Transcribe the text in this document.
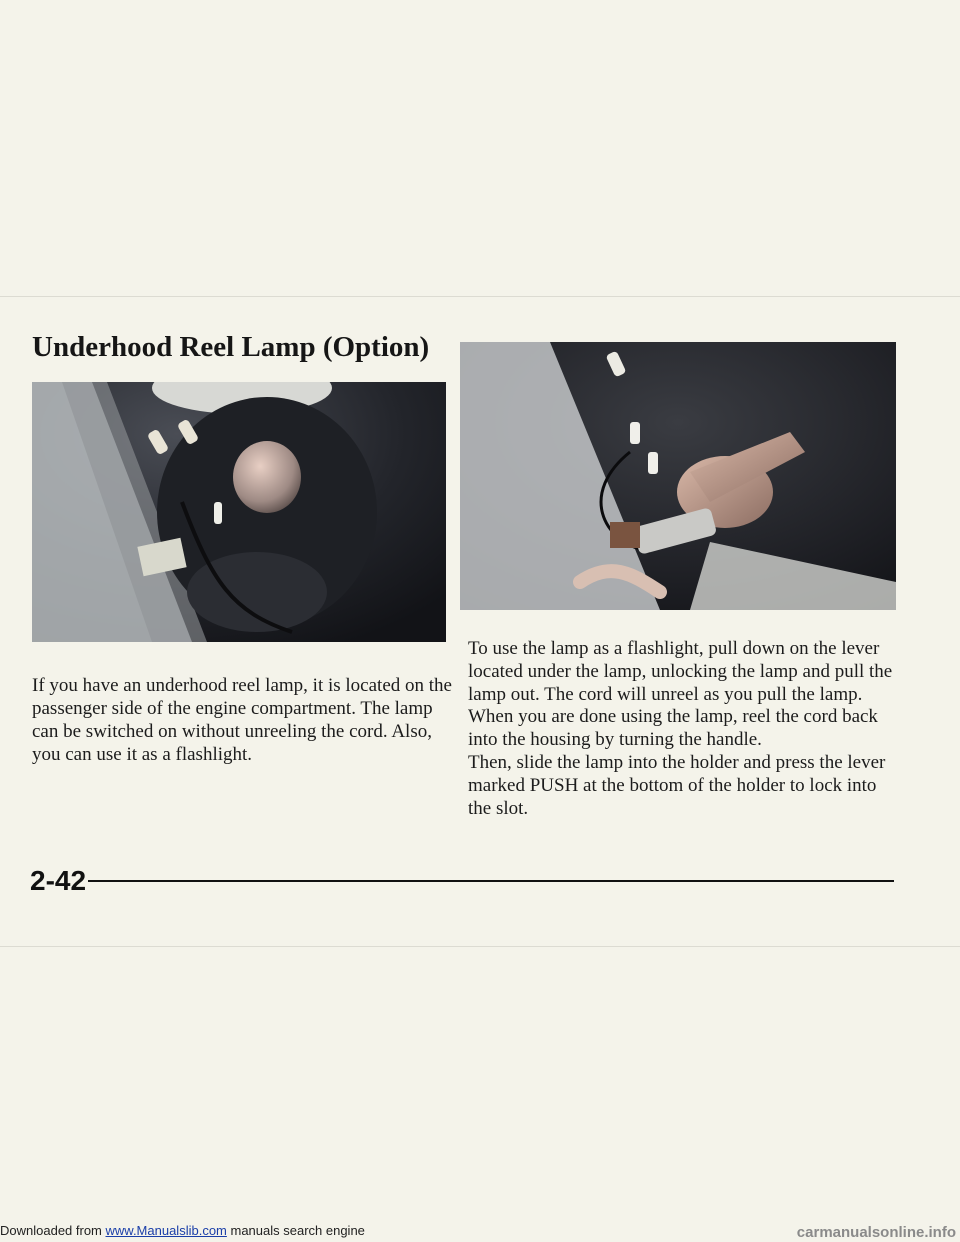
Underhood Reel Lamp (Option)

If you have an underhood reel lamp, it is located on the passenger side of the engine compartment. The lamp can be switched on without unreeling the cord. Also, you can use it as a flashlight.

To use the lamp as a flashlight, pull down on the lever located under the lamp, unlocking the lamp and pull the lamp out. The cord will unreel as you pull the lamp.

When you are done using the lamp, reel the cord back into the housing by turning the handle.

Then, slide the lamp into the holder and press the lever marked PUSH at the bottom of the holder to lock into the slot.

2-42
Downloaded from www.Manualslib.com manuals search engine	carmanualsonline.info
